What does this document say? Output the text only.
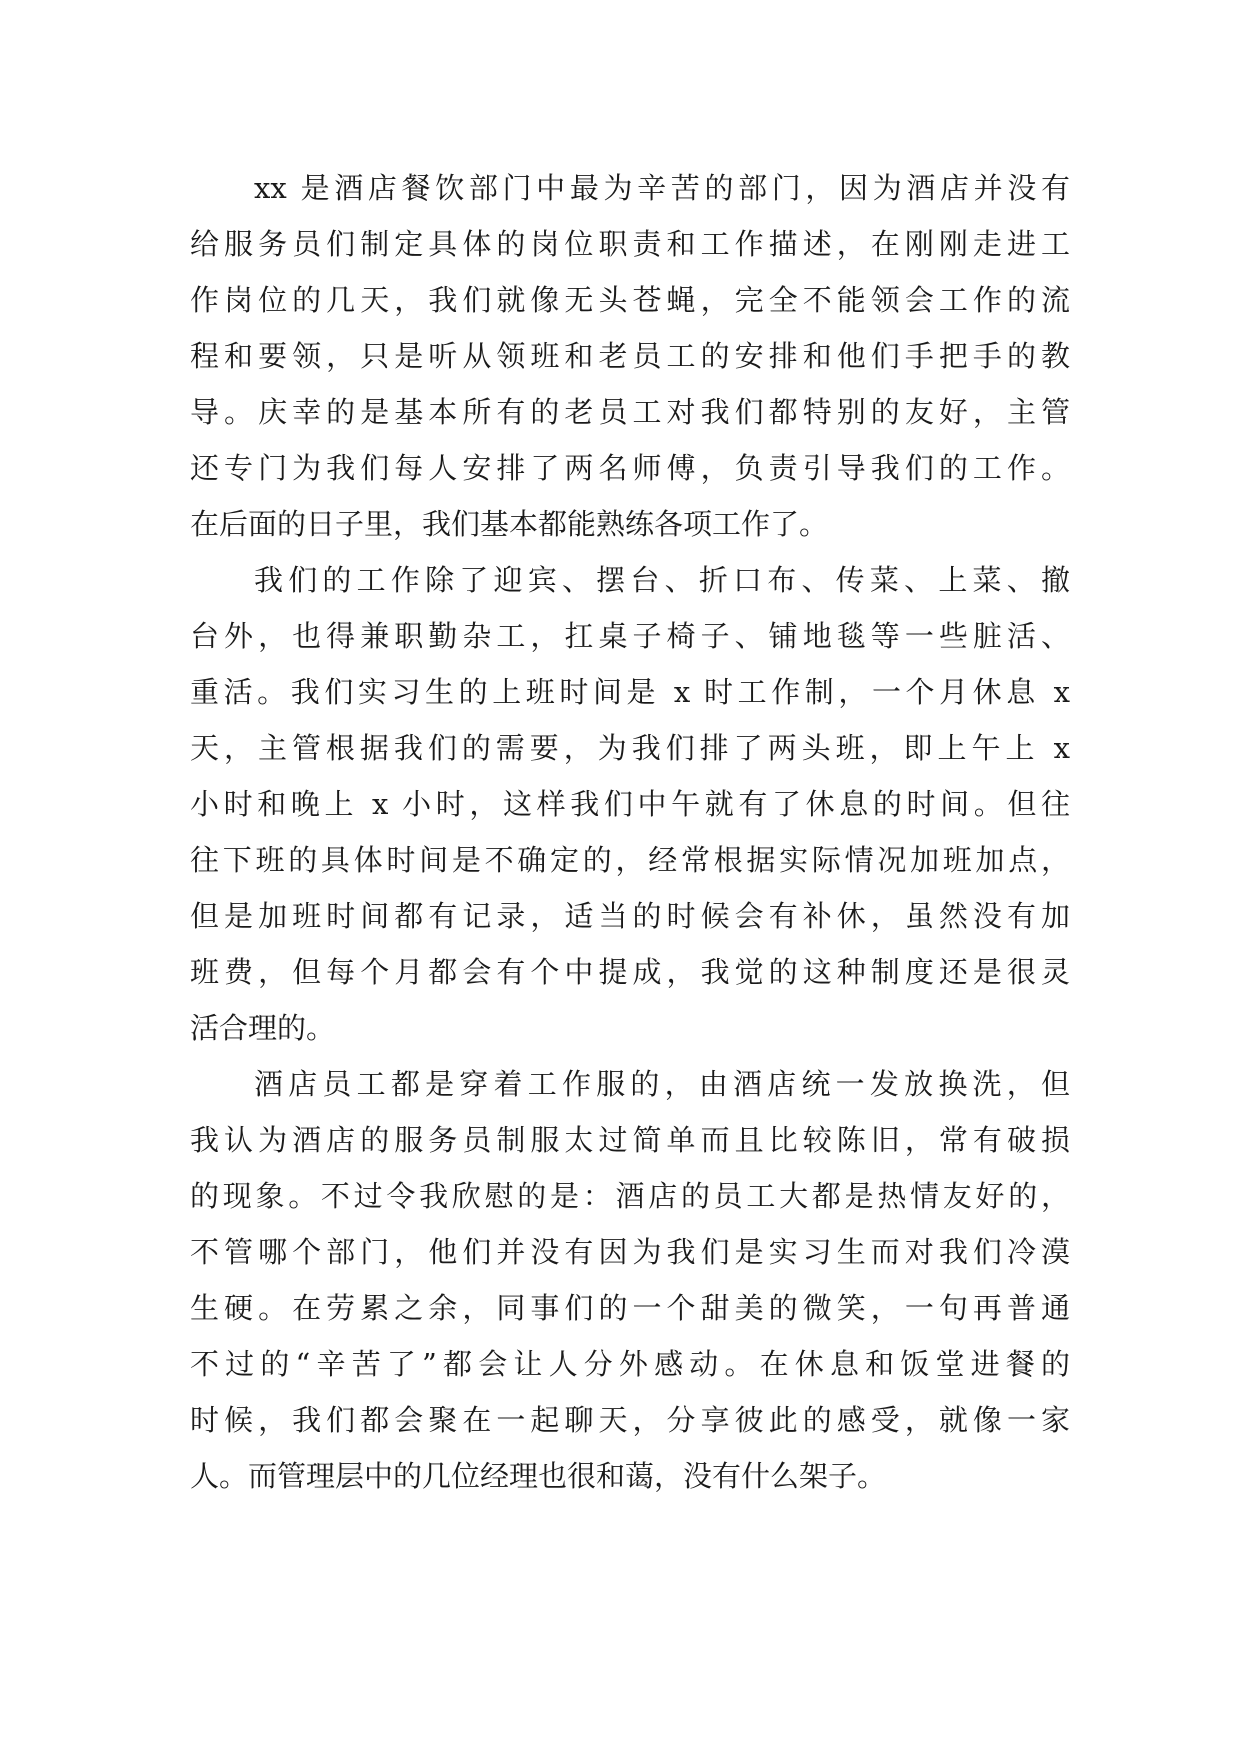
xx 是酒店餐饮部门中最为辛苦的部门，因为酒店并没有
给服务员们制定具体的岗位职责和工作描述，在刚刚走进工
作岗位的几天，我们就像无头苍蝇，完全不能领会工作的流
程和要领，只是听从领班和老员工的安排和他们手把手的教
导。庆幸的是基本所有的老员工对我们都特别的友好，主管
还专门为我们每人安排了两名师傅，负责引导我们的工作。
在后面的日子里，我们基本都能熟练各项工作了。
我们的工作除了迎宾、摆台、折口布、传菜、上菜、撤
台外，也得兼职勤杂工，扛桌子椅子、铺地毯等一些脏活、
重活。我们实习生的上班时间是 x 时工作制，一个月休息 x
天，主管根据我们的需要，为我们排了两头班，即上午上 x
小时和晚上 x 小时，这样我们中午就有了休息的时间。但往
往下班的具体时间是不确定的，经常根据实际情况加班加点，
但是加班时间都有记录，适当的时候会有补休，虽然没有加
班费，但每个月都会有个中提成，我觉的这种制度还是很灵
活合理的。
酒店员工都是穿着工作服的，由酒店统一发放换洗，但
我认为酒店的服务员制服太过简单而且比较陈旧，常有破损
的现象。不过令我欣慰的是：酒店的员工大都是热情友好的，
不管哪个部门，他们并没有因为我们是实习生而对我们冷漠
生硬。在劳累之余，同事们的一个甜美的微笑，一句再普通
不过的“辛苦了”都会让人分外感动。在休息和饭堂进餐的
时候，我们都会聚在一起聊天，分享彼此的感受，就像一家
人。而管理层中的几位经理也很和蔼，没有什么架子。
